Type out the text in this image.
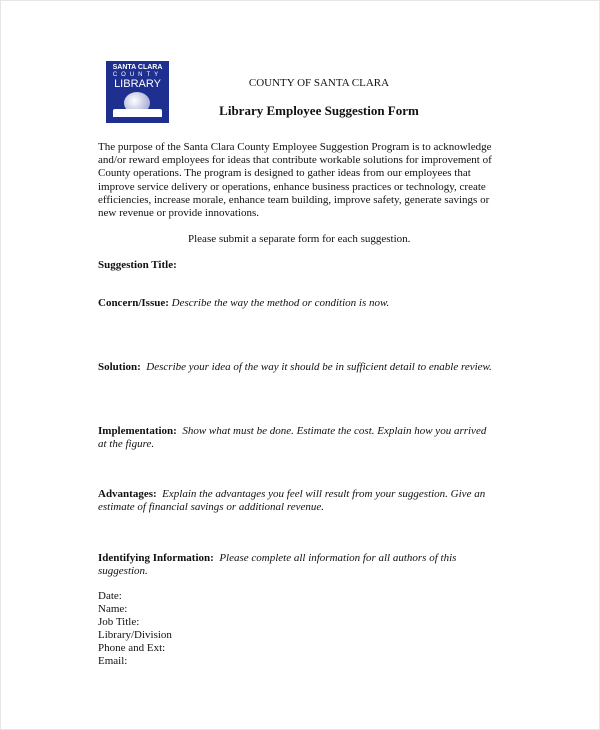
SANTA CLARA
COUNTY
LIBRARY	COUNTY OF SANTA CLARA
Library Employee Suggestion Form
The purpose of the Santa Clara County Employee Suggestion Program is to acknowledge
and/or reward employees for ideas that contribute workable solutions for improvement of
County operations. The program is designed to gather ideas from our employees that
improve service delivery or operations, enhance business practices or technology, create
efficiencies, increase morale, enhance team building, improve safety, generate savings or
new revenue or provide innovations.
Please submit a separate form for each suggestion.
Suggestion Title:
Concern/Issue: Describe the way the method or condition is now.
Solution: Describe your idea of the way it should be in sufficient detail to enable review.
Implementation: Show what must be done. Estimate the cost. Explain how you arrived
at the figure.
Advantages: Explain the advantages you feel will result from your suggestion. Give an
estimate of financial savings or additional revenue.
Identifying Information: Please complete all information for all authors of this
suggestion.
Date:
Name:
Job Title:
Library/Division
Phone and Ext:
Email:
